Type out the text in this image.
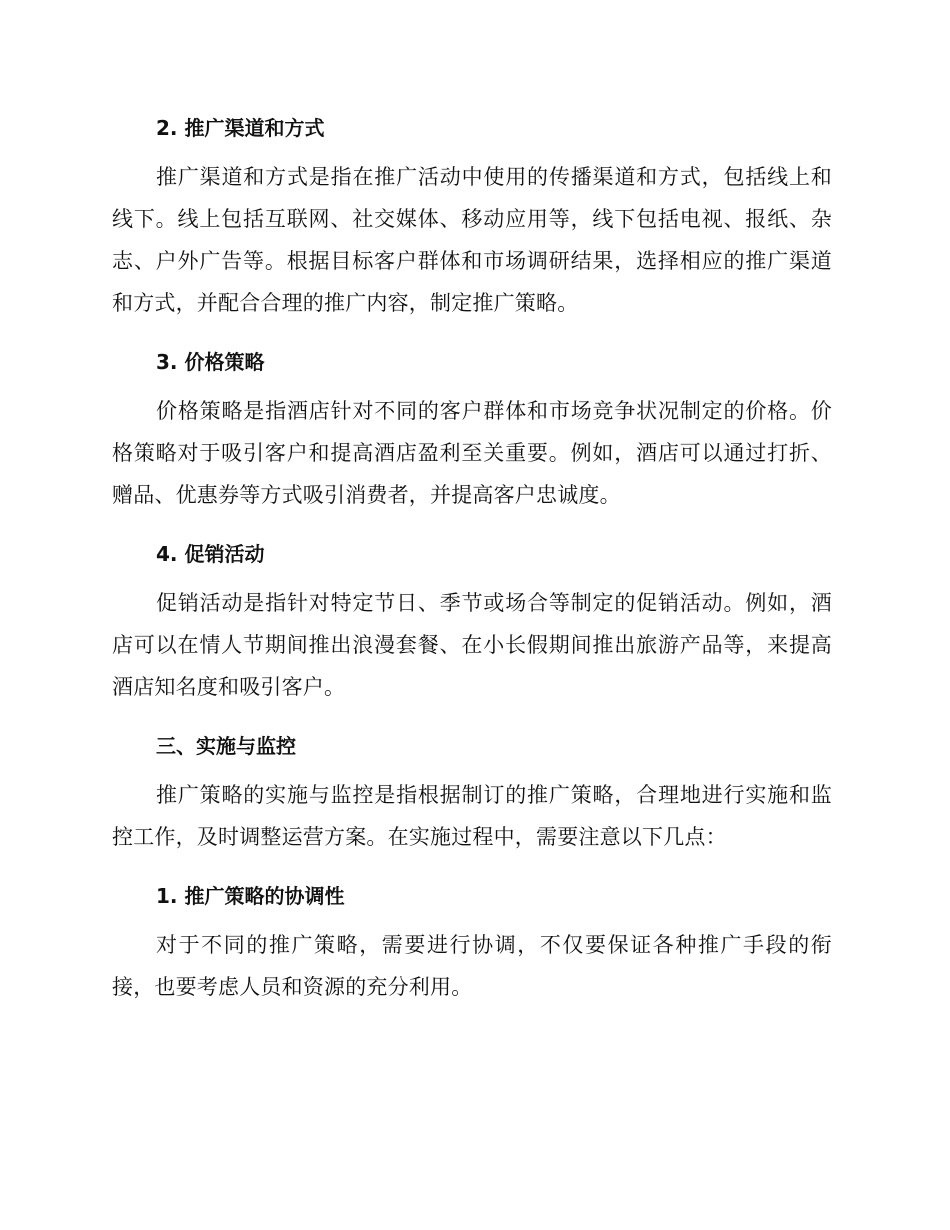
2. 推广渠道和方式

推广渠道和方式是指在推广活动中使用的传播渠道和方式，包括线上和线下。线上包括互联网、社交媒体、移动应用等，线下包括电视、报纸、杂志、户外广告等。根据目标客户群体和市场调研结果，选择相应的推广渠道和方式，并配合合理的推广内容，制定推广策略。

3. 价格策略

价格策略是指酒店针对不同的客户群体和市场竞争状况制定的价格。价格策略对于吸引客户和提高酒店盈利至关重要。例如，酒店可以通过打折、赠品、优惠券等方式吸引消费者，并提高客户忠诚度。

4. 促销活动

促销活动是指针对特定节日、季节或场合等制定的促销活动。例如，酒店可以在情人节期间推出浪漫套餐、在小长假期间推出旅游产品等，来提高酒店知名度和吸引客户。

三、实施与监控

推广策略的实施与监控是指根据制订的推广策略，合理地进行实施和监控工作，及时调整运营方案。在实施过程中，需要注意以下几点：

1. 推广策略的协调性

对于不同的推广策略，需要进行协调，不仅要保证各种推广手段的衔接，也要考虑人员和资源的充分利用。
